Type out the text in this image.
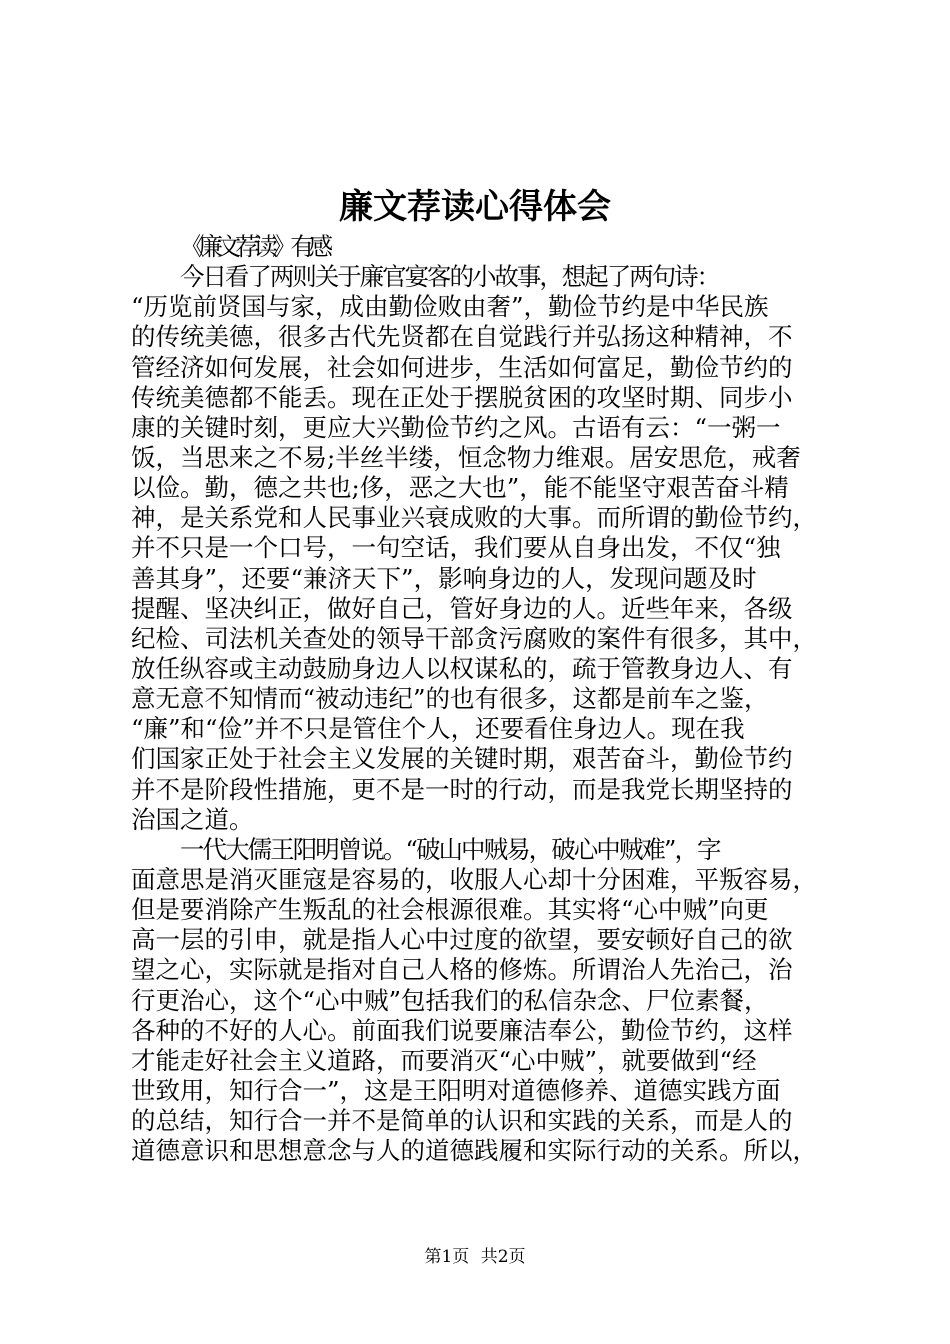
廉文荐读心得体会
《廉文荐读》有感
今日看了两则关于廉官宴客的小故事，想起了两句诗：
“历览前贤国与家，成由勤俭败由奢”，勤俭节约是中华民族
的传统美德，很多古代先贤都在自觉践行并弘扬这种精神，不
管经济如何发展，社会如何进步，生活如何富足，勤俭节约的
传统美德都不能丢。现在正处于摆脱贫困的攻坚时期、同步小
康的关键时刻，更应大兴勤俭节约之风。古语有云：“一粥一
饭，当思来之不易;半丝半缕，恒念物力维艰。居安思危，戒奢
以俭。勤，德之共也;侈，恶之大也”，能不能坚守艰苦奋斗精
神，是关系党和人民事业兴衰成败的大事。而所谓的勤俭节约，
并不只是一个口号，一句空话，我们要从自身出发，不仅“独
善其身”，还要“兼济天下”，影响身边的人，发现问题及时
提醒、坚决纠正，做好自己，管好身边的人。近些年来，各级
纪检、司法机关查处的领导干部贪污腐败的案件有很多，其中，
放任纵容或主动鼓励身边人以权谋私的，疏于管教身边人、有
意无意不知情而“被动违纪”的也有很多，这都是前车之鉴，
“廉”和“俭”并不只是管住个人，还要看住身边人。现在我
们国家正处于社会主义发展的关键时期，艰苦奋斗，勤俭节约
并不是阶段性措施，更不是一时的行动，而是我党长期坚持的
治国之道。
一代大儒王阳明曾说。“破山中贼易，破心中贼难”，字
面意思是消灭匪寇是容易的，收服人心却十分困难，平叛容易，
但是要消除产生叛乱的社会根源很难。其实将“心中贼”向更
高一层的引申，就是指人心中过度的欲望，要安顿好自己的欲
望之心，实际就是指对自己人格的修炼。所谓治人先治己，治
行更治心，这个“心中贼”包括我们的私信杂念、尸位素餐，
各种的不好的人心。前面我们说要廉洁奉公，勤俭节约，这样
才能走好社会主义道路，而要消灭“心中贼”，就要做到“经
世致用，知行合一”，这是王阳明对道德修养、道德实践方面
的总结，知行合一并不是简单的认识和实践的关系，而是人的
道德意识和思想意念与人的道德践履和实际行动的关系。所以，
第1页 共2页
